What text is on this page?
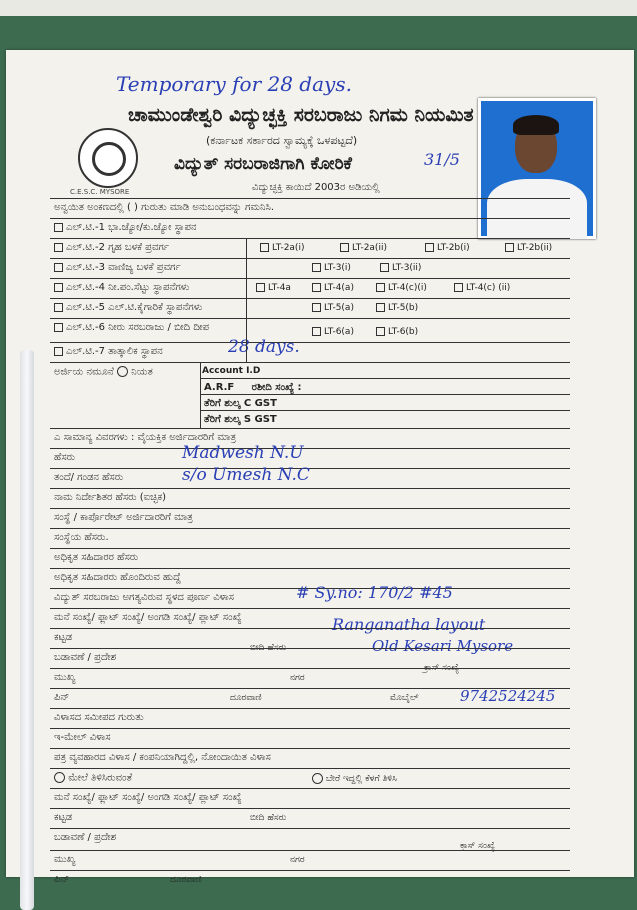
Temporary for 28 days.
ಚಾಮುಂಡೇಶ್ವರಿ ವಿದ್ಯುಚ್ಛಕ್ತಿ ಸರಬರಾಜು ನಿಗಮ ನಿಯಮಿತ
(ಕರ್ನಾಟಕ ಸರ್ಕಾರದ ಸ್ವಾಮ್ಯಕ್ಕೆ ಒಳಪಟ್ಟದೆ)
ವಿದ್ಯುತ್ ಸರಬರಾಜಿಗಾಗಿ ಕೋರಿಕೆ
ವಿದ್ಯುಚ್ಛಕ್ತಿ ಕಾಯಿದೆ 2003ರ ಅಡಿಯಲ್ಲಿ
C.E.S.C. MYSORE
31/5
ಅನ್ವಯಿತ ಅಂಕಣದಲ್ಲಿ ( ) ಗುರುತು ಮಾಡಿ ಅನುಬಂಧವನ್ನು ಗಮನಿಸಿ.
ಎಲ್.ಟಿ.-1 ಭಾ.ಜ್ಯೋ/ಕು.ಜ್ಯೋ ಸ್ಥಾಪನ
ಎಲ್.ಟಿ.-2 ಗೃಹ ಬಳಕೆ ಪ್ರವರ್ಗ	LT-2a(i)	LT-2a(ii)	LT-2b(i)	LT-2b(ii)
ಎಲ್.ಟಿ.-3 ವಾಣಿಜ್ಯ ಬಳಕೆ ಪ್ರವರ್ಗ	LT-3(i)	LT-3(ii)
ಎಲ್.ಟಿ.-4 ನೀ.ಪಂ.ಸೆಟ್ಟು ಸ್ಥಾಪನೆಗಳು	LT-4a	LT-4(a)	LT-4(c)(i)	LT-4(c) (ii)
ಎಲ್.ಟಿ.-5 ಎಲ್.ಟಿ.ಕೈಗಾರಿಕೆ ಸ್ಥಾಪನೆಗಳು	LT-5(a)	LT-5(b)
ಎಲ್.ಟಿ.-6 ನೀರು ಸರಬರಾಜು / ಬೀದಿ ದೀಪ	LT-6(a)	LT-6(b)
ಎಲ್.ಟಿ.-7 ತಾತ್ಕಾಲಿಕ ಸ್ಥಾಪನ	28 days.
ಅರ್ಜಿಯ ನಮೂನೆ ನಿಯತ	Account I.D
A.R.F ರಶೀದಿ ಸಂಖ್ಯೆ :
ತೆರಿಗೆ ಶುಲ್ಕ C GST
ತೆರಿಗೆ ಶುಲ್ಕ S GST
ಎ ಸಾಮಾನ್ಯ ವಿವರಗಳು : ವೈಯಕ್ತಿಕ ಅರ್ಜಿದಾರರಿಗೆ ಮಾತ್ರ
ಹೆಸರು	Madwesh N.U
ತಂದೆ/ ಗಂಡನ ಹೆಸರು	s/o Umesh N.C
ನಾಮ ನಿರ್ದೇಶಿತರ ಹೆಸರು (ಐಚ್ಛಿಕ)
ಸಂಸ್ಥೆ / ಕಾರ್ಪೊರೇಟ್ ಅರ್ಜಿದಾರರಿಗೆ ಮಾತ್ರ
ಸಂಸ್ಥೆಯ ಹೆಸರು.
ಅಧಿಕೃತ ಸಹಿದಾರರ ಹೆಸರು
ಅಧಿಕೃತ ಸಹಿದಾರರು ಹೊಂದಿರುವ ಹುದ್ದೆ
ವಿದ್ಯುತ್ ಸರಬರಾಜು ಅಗತ್ಯವಿರುವ ಸ್ಥಳದ ಪೂರ್ಣ ವಿಳಾಸ	# Sy.no: 170/2 #45
ಮನೆ ಸಂಖ್ಯೆ/ ಫ್ಲಾಟ್ ಸಂಖ್ಯೆ/ ಅಂಗಡಿ ಸಂಖ್ಯೆ/ ಪ್ಲಾಟ್ ಸಂಖ್ಯೆ	Ranganatha layout
ಕಟ್ಟಡ
ಬೀದಿ ಹೆಸರು	Old Kesari Mysore
ಬಡಾವಣೆ / ಪ್ರದೇಶ
ಕ್ರಾಸ್ ಸಂಖ್ಯೆ
ಮುಖ್ಯ	ನಗರ
ಪಿನ್	ದೂರವಾಣಿ	ಮೊಬೈಲ್	9742524245
ವಿಳಾಸದ ಸಮೀಪದ ಗುರುತು
ಇ-ಮೇಲ್ ವಿಳಾಸ
ಪತ್ರ ವ್ಯವಹಾರದ ವಿಳಾಸ / ಕಂಪನಿಯಾಗಿದ್ದಲ್ಲಿ, ನೋಂದಾಯಿತ ವಿಳಾಸ
ಮೇಲೆ ತಿಳಿಸಿರುವಂತೆ	ಬೇರೆ ಇದ್ದಲ್ಲಿ ಕೆಳಗೆ ತಿಳಿಸಿ
ಮನೆ ಸಂಖ್ಯೆ/ ಫ್ಲಾಟ್ ಸಂಖ್ಯೆ/ ಅಂಗಡಿ ಸಂಖ್ಯೆ/ ಪ್ಲಾಟ್ ಸಂಖ್ಯೆ
ಕಟ್ಟಡ	ಬೀದಿ ಹೆಸರು
ಬಡಾವಣೆ / ಪ್ರದೇಶ
ಕ್ರಾಸ್ ಸಂಖ್ಯೆ
ಮುಖ್ಯ	ನಗರ
ಪಿನ್	ದೂರವಾಣಿ
